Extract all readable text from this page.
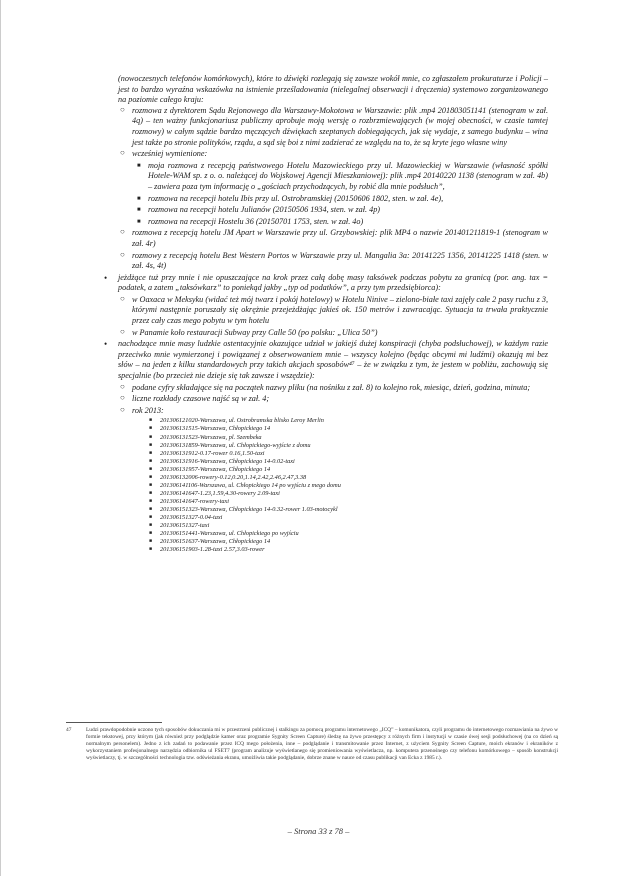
(nowoczesnych telefonów komórkowych), które to dźwięki rozlegają się zawsze wokół mnie, co zgłaszałem prokuraturze i Policji – jest to bardzo wyraźna wskazówka na istnienie prześladowania (nielegalnej obserwacji i dręczenia) systemowo zorganizowanego na poziomie całego kraju:

○ rozmowa z dyrektorem Sądu Rejonowego dla Warszawy-Mokotowa w Warszawie: plik .mp4 201803051141 (stenogram w zał. 4q) – ten ważny funkcjonariusz publiczny aprobuje moją wersję o rozbrzmiewających (w mojej obecności, w czasie tamtej rozmowy) w całym sądzie bardzo męczących dźwiękach szeptanych dobiegających, jak się wydaje, z samego budynku – wina jest także po stronie polityków, rządu, a sąd się boi z nimi zadzierać ze względu na to, że są kryte jego własne winy
○ wcześniej wymienione:
■ moja rozmowa z recepcją państwowego Hotelu Mazowieckiego przy ul. Mazowieckiej w Warszawie (własność spółki Hotele-WAM sp. z o. o. należącej do Wojskowej Agencji Mieszkaniowej): plik .mp4 20140220 1138 (stenogram w zał. 4b) – zawiera poza tym informację o „gościach przychodzących, by robić dla mnie podsłuch”,
■ rozmowa na recepcji hotelu Ibis przy ul. Ostrobramskiej (20150606 1802, sten. w zał. 4e),
■ rozmowa na recepcji hotelu Julianów (20150506 1934, sten. w zał. 4p)
■ rozmowa na recepcji Hostelu 36 (20150701 1753, sten. w zał. 4o)
○ rozmowa z recepcją hotelu JM Apart w Warszawie przy ul. Grzybowskiej: plik MP4 o nazwie 201401211819-1 (stenogram w zał. 4r)
○ rozmowy z recepcją hotelu Best Western Portos w Warszawie przy ul. Mangalia 3a: 20141225 1356, 20141225 1418 (sten. w zał. 4s, 4t)
• jeżdżące tuż przy mnie i nie opuszczające na krok przez całą dobę masy taksówek podczas pobytu za granicą (por. ang. tax = podatek, a zatem „taksówkarz” to poniekąd jakby „typ od podatków”, a przy tym przedsiębiorca):
○ w Oaxaca w Meksyku (widać też mój twarz i pokój hotelowy) w Hotelu Ninive – zielono-białe taxi zajęły całe 2 pasy ruchu z 3, którymi następnie poruszały się okrężnie przejeżdżając jakieś ok. 150 metrów i zawracając. Sytuacja ta trwała praktycznie przez cały czas mego pobytu w tym hotelu
○ w Panamie koło restauracji Subway przy Calle 50 (po polsku: „Ulica 50”)
• nachodzące mnie masy ludzkie ostentacyjnie okazujące udział w jakiejś dużej konspiracji (chyba podsłuchowej), w każdym razie przeciwko mnie wymierzonej i powiązanej z obserwowaniem mnie – wszyscy kolejno (będąc obcymi mi ludźmi) okazują mi bez słów – na jeden z kilku standardowych przy takich akcjach sposobów⁴⁷ – że w związku z tym, że jestem w pobliżu, zachowują się specjalnie (bo przecież nie dzieje się tak zawsze i wszędzie):
○ podane cyfry składające się na początek nazwy pliku (na nośniku z zał. 8) to kolejno rok, miesiąc, dzień, godzina, minuta;
○ liczne rozkłady czasowe najść są w zał. 4;
○ rok 2013:
■ 201306121020-Warszawa, ul. Ostrobramska blisko Leroy Merlin
■ 201306131515-Warszawa, Chłopickiego 14
■ 201306131523-Warszawa, pl. Szembeka
■ 201306131859-Warszawa, ul. Chłopickiego-wyjście z domu
■ 201306131912-0.17-rower 0.16,1.50-taxi
■ 201306131916-Warszawa, Chłopickiego 14-0.02-taxi
■ 201306131957-Warszawa, Chłopickiego 14
■ 201306132006-rowery-0.12,0.20,1.14,2.42,2.46,2.47,3.38
■ 201306141106-Warszawa, ul. Chłopickiego 14 po wyjściu z mego domu
■ 201306141647-1.23,1.59,4.30-rowery 2.09-taxi
■ 201306141647-rowery-taxi
■ 201306151323-Warszawa, Chłopickiego 14-0.32-rower 1.03-motocykl
■ 201306151327-0.04-taxi
■ 201306151327-taxi
■ 201306151441-Warszawa, ul. Chłopickiego po wyjściu
■ 201306151637-Warszawa, Chłopickiego 14
■ 201306151903-1.28-taxi 2.57,3.03-rower
47	Ludzi prawdopodobnie uczono tych sposobów dokuczania mi w przestrzeni publicznej i stalkingu za pomocą programu internetowego „ICQ” – komunikatora, czyli programu do internetowego rozmawiania na żywo w formie tekstowej, przy którym (jak również przy podglądzie kamer oraz programie Sygnity Screen Capture) śledzę na żywo przestępcy z różnych firm i instytucji w czasie ówej sesji podsłuchowej (na co dzień są normalnym personelem). Jedno z ich zadań to podawanie przez ICQ mego położenia, inne – podglądanie i transmitowanie przez Internet, z użyciem Sygnity Screen Capture, moich ekranów i ekraników z wykorzystaniem profesjonalnego narzędzia odbiornika ul FSET7 (program analizuje wyświetlanego się promieniowania wyświetlacza, np. komputera przenośnego czy telefonu komórkowego – sposób konstrukcji wyświetlaczy, tj. w szczególności technologia tzw. odświeżania ekranu, umożliwia takie podglądanie, dobrze znane w nauce od czasu publikacji van Ecka z 1985 r.).
– Strona 33 z 78 –
